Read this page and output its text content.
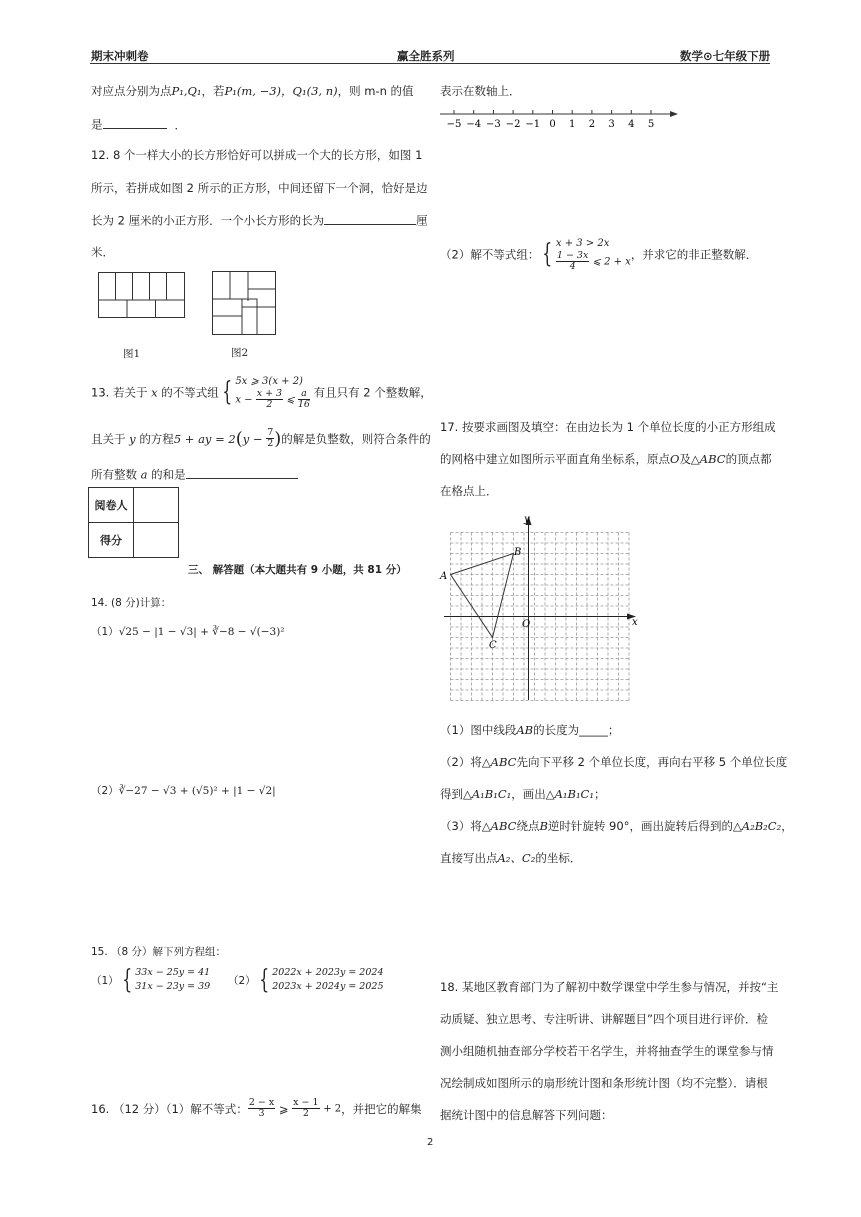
期末冲刺卷	赢全胜系列	数学⊙七年级下册
对应点分别为点P₁,Q₁，若P₁(m, −3)，Q₁(3, n)，则 m-n 的值
是	．
12. 8 个一样大小的长方形恰好可以拼成一个大的长方形，如图 1
所示，若拼成如图 2 所示的正方形，中间还留下一个洞，恰好是边
长为 2 厘米的小正方形．一个小长方形的长为	厘
米．
图1	图2
13. 若关于 x 的不等式组 { 5x ⩾ 3(x + 2)
$x - \frac{x + 3}{2}$ ⩽ $\frac{a}{16}$ 有且只有 2 个整数解，
且关于 y 的方程5 + ay = $2(y - \frac{7}{2}$ )的解是负整数，则符合条件的
所有整数 a 的和是
阅卷人	
得分	
三、 解答题（本大题共有 9 小题，共 81 分）
14. (8 分)计算：
（1）√25 − |1 − √3| + ∛−8 − √(−3)²
（2）∛−27 − √3 + (√5)² + |1 − √2|
15. （8 分）解下列方程组：
（1） { 33x − 25y = 41
31x − 23y = 39 （2） { 2022x + 2023y = 2024
2023x + 2024y = 2025
16. （12 分）（1）解不等式： $\frac{2 - x}{3}$ ⩾ $\frac{x - 1}{2} + 2$，并把它的解集
表示在数轴上．
−5 −4 −3 −2 −1 0 1 2 3 4 5
（2）解不等式组： { x + 3 > 2x
$\frac{1 - 3x}{4}$ ⩽ 2 + x
，并求它的非正整数解．
17. 按要求画图及填空：在由边长为 1 个单位长度的小正方形组成
的网格中建立如图所示平面直角坐标系，原点O及△ABC的顶点都
在格点上．
A
B
C
O	x
y
（1）图中线段AB的长度为_____；
（2）将△ABC先向下平移 2 个单位长度，再向右平移 5 个单位长度
得到△A₁B₁C₁，画出△A₁B₁C₁；
（3）将△ABC绕点B逆时针旋转 90°，画出旋转后得到的△A₂B₂C₂，
直接写出点A₂、C₂的坐标．
18. 某地区教育部门为了解初中数学课堂中学生参与情况，并按“主
动质疑、独立思考、专注听讲、讲解题目”四个项目进行评价．检
测小组随机抽查部分学校若干名学生，并将抽查学生的课堂参与情
况绘制成如图所示的扇形统计图和条形统计图（均不完整）．请根
据统计图中的信息解答下列问题：
2
